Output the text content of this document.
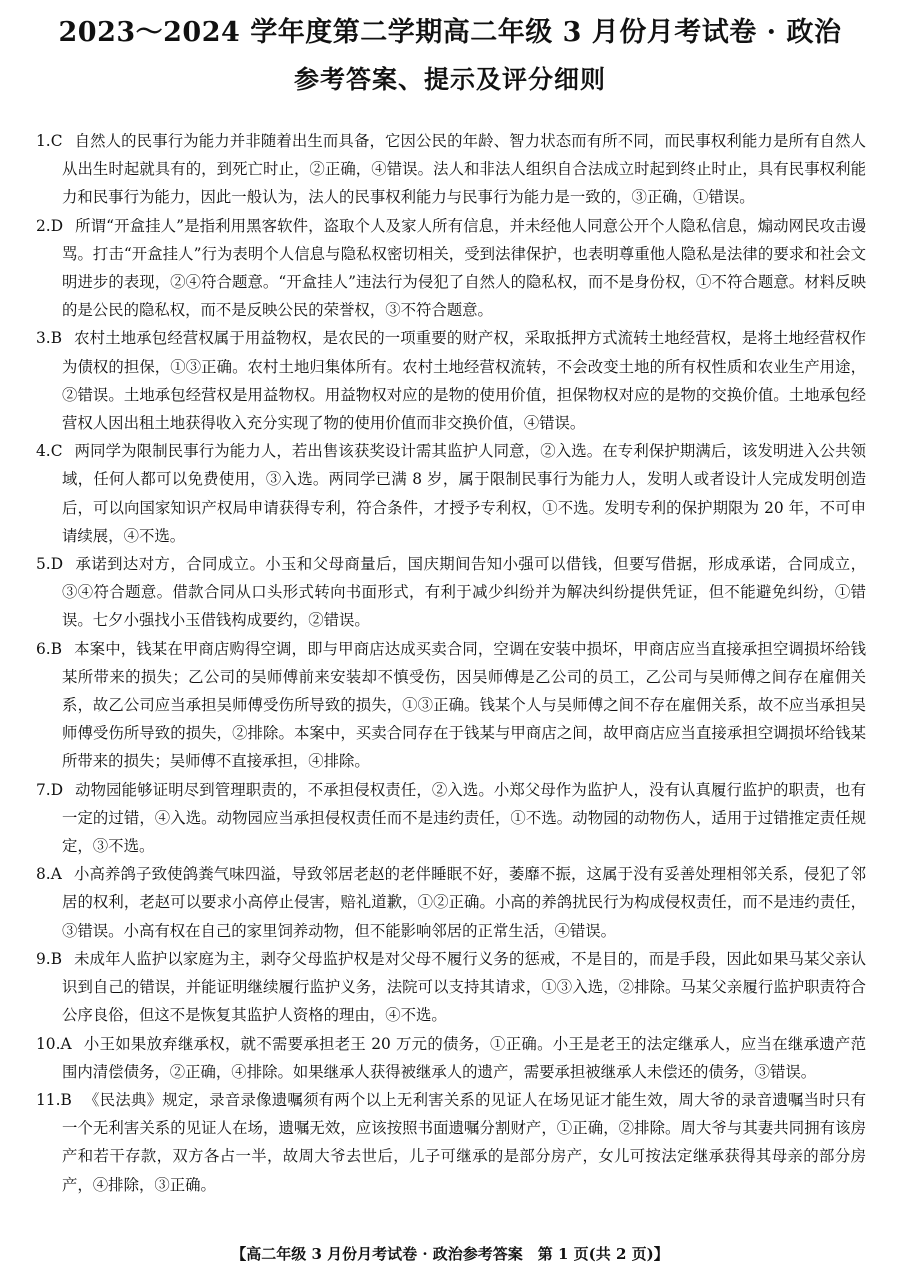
2023～2024 学年度第二学期高二年级 3 月份月考试卷 · 政治
参考答案、提示及评分细则

1.C 自然人的民事行为能力并非随着出生而具备，它因公民的年龄、智力状态而有所不同，而民事权利能力是所有自然人从出生时起就具有的，到死亡时止，②正确，④错误。法人和非法人组织自合法成立时起到终止时止，具有民事权利能力和民事行为能力，因此一般认为，法人的民事权利能力与民事行为能力是一致的，③正确，①错误。

2.D 所谓“开盒挂人”是指利用黑客软件，盗取个人及家人所有信息，并未经他人同意公开个人隐私信息，煽动网民攻击谩骂。打击“开盒挂人”行为表明个人信息与隐私权密切相关，受到法律保护，也表明尊重他人隐私是法律的要求和社会文明进步的表现，②④符合题意。“开盒挂人”违法行为侵犯了自然人的隐私权，而不是身份权，①不符合题意。材料反映的是公民的隐私权，而不是反映公民的荣誉权，③不符合题意。

3.B 农村土地承包经营权属于用益物权，是农民的一项重要的财产权，采取抵押方式流转土地经营权，是将土地经营权作为债权的担保，①③正确。农村土地归集体所有。农村土地经营权流转，不会改变土地的所有权性质和农业生产用途，②错误。土地承包经营权是用益物权。用益物权对应的是物的使用价值，担保物权对应的是物的交换价值。土地承包经营权人因出租土地获得收入充分实现了物的使用价值而非交换价值，④错误。

4.C 两同学为限制民事行为能力人，若出售该获奖设计需其监护人同意，②入选。在专利保护期满后，该发明进入公共领域，任何人都可以免费使用，③入选。两同学已满 8 岁，属于限制民事行为能力人，发明人或者设计人完成发明创造后，可以向国家知识产权局申请获得专利，符合条件，才授予专利权，①不选。发明专利的保护期限为 20 年，不可申请续展，④不选。

5.D 承诺到达对方，合同成立。小玉和父母商量后，国庆期间告知小强可以借钱，但要写借据，形成承诺，合同成立，③④符合题意。借款合同从口头形式转向书面形式，有利于减少纠纷并为解决纠纷提供凭证，但不能避免纠纷，①错误。七夕小强找小玉借钱构成要约，②错误。

6.B 本案中，钱某在甲商店购得空调，即与甲商店达成买卖合同，空调在安装中损坏，甲商店应当直接承担空调损坏给钱某所带来的损失；乙公司的吴师傅前来安装却不慎受伤，因吴师傅是乙公司的员工，乙公司与吴师傅之间存在雇佣关系，故乙公司应当承担吴师傅受伤所导致的损失，①③正确。钱某个人与吴师傅之间不存在雇佣关系，故不应当承担吴师傅受伤所导致的损失，②排除。本案中，买卖合同存在于钱某与甲商店之间，故甲商店应当直接承担空调损坏给钱某所带来的损失；吴师傅不直接承担，④排除。

7.D 动物园能够证明尽到管理职责的，不承担侵权责任，②入选。小郑父母作为监护人，没有认真履行监护的职责，也有一定的过错，④入选。动物园应当承担侵权责任而不是违约责任，①不选。动物园的动物伤人，适用于过错推定责任规定，③不选。

8.A 小高养鸽子致使鸽粪气味四溢，导致邻居老赵的老伴睡眠不好，萎靡不振，这属于没有妥善处理相邻关系，侵犯了邻居的权利，老赵可以要求小高停止侵害，赔礼道歉，①②正确。小高的养鸽扰民行为构成侵权责任，而不是违约责任，③错误。小高有权在自己的家里饲养动物，但不能影响邻居的正常生活，④错误。

9.B 未成年人监护以家庭为主，剥夺父母监护权是对父母不履行义务的惩戒，不是目的，而是手段，因此如果马某父亲认识到自己的错误，并能证明继续履行监护义务，法院可以支持其请求，①③入选，②排除。马某父亲履行监护职责符合公序良俗，但这不是恢复其监护人资格的理由，④不选。

10.A 小王如果放弃继承权，就不需要承担老王 20 万元的债务，①正确。小王是老王的法定继承人，应当在继承遗产范围内清偿债务，②正确，④排除。如果继承人获得被继承人的遗产，需要承担被继承人未偿还的债务，③错误。

11.B 《民法典》规定，录音录像遗嘱须有两个以上无利害关系的见证人在场见证才能生效，周大爷的录音遗嘱当时只有一个无利害关系的见证人在场，遗嘱无效，应该按照书面遗嘱分割财产，①正确，②排除。周大爷与其妻共同拥有该房产和若干存款，双方各占一半，故周大爷去世后，儿子可继承的是部分房产，女儿可按法定继承获得其母亲的部分房产，④排除，③正确。

【高二年级 3 月份月考试卷 · 政治参考答案　第 1 页(共 2 页)】
